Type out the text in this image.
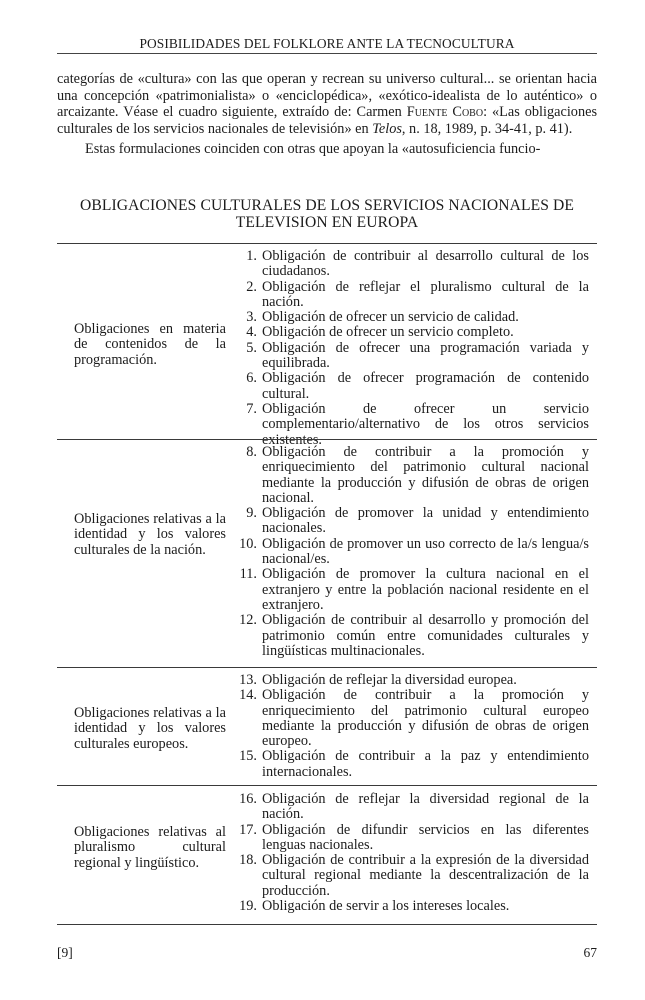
POSIBILIDADES DEL FOLKLORE ANTE LA TECNOCULTURA

categorías de «cultura» con las que operan y recrean su universo cultural... se orientan hacia una concepción «patrimonialista» o «enciclopédica», «exótico-idealista de lo auténtico» o arcaizante. Véase el cuadro siguiente, extraído de: Carmen Fuente Cobo: «Las obligaciones culturales de los servicios nacionales de televisión» en Telos, n. 18, 1989, p. 34-41, p. 41).

Estas formulaciones coinciden con otras que apoyan la «autosuficiencia funcio-

OBLIGACIONES CULTURALES DE LOS SERVICIOS NACIONALES DE
TELEVISION EN EUROPA
Obligaciones en materia de contenidos de la programación.
1. Obligación de contribuir al desarrollo cultural de los ciudadanos.
2. Obligación de reflejar el pluralismo cultural de la nación.
3. Obligación de ofrecer un servicio de calidad.
4. Obligación de ofrecer un servicio completo.
5. Obligación de ofrecer una programación variada y equilibrada.
6. Obligación de ofrecer programación de contenido cultural.
7. Obligación de ofrecer un servicio complementario/alternativo de los otros servicios existentes.
Obligaciones relativas a la identidad y los valores culturales de la nación.
8. Obligación de contribuir a la promoción y enriquecimiento del patrimonio cultural nacional mediante la producción y difusión de obras de origen nacional.
9. Obligación de promover la unidad y entendimiento nacionales.
10. Obligación de promover un uso correcto de la/s lengua/s nacional/es.
11. Obligación de promover la cultura nacional en el extranjero y entre la población nacional residente en el extranjero.
12. Obligación de contribuir al desarrollo y promoción del patrimonio común entre comunidades culturales y lingüísticas multinacionales.
Obligaciones relativas a la identidad y los valores culturales europeos.
13. Obligación de reflejar la diversidad europea.
14. Obligación de contribuir a la promoción y enriquecimiento del patrimonio cultural europeo mediante la producción y difusión de obras de origen europeo.
15. Obligación de contribuir a la paz y entendimiento internacionales.
Obligaciones relativas al pluralismo cultural regional y lingüístico.
16. Obligación de reflejar la diversidad regional de la nación.
17. Obligación de difundir servicios en las diferentes lenguas nacionales.
18. Obligación de contribuir a la expresión de la diversidad cultural regional mediante la descentralización de la producción.
19. Obligación de servir a los intereses locales.
[9]	67
